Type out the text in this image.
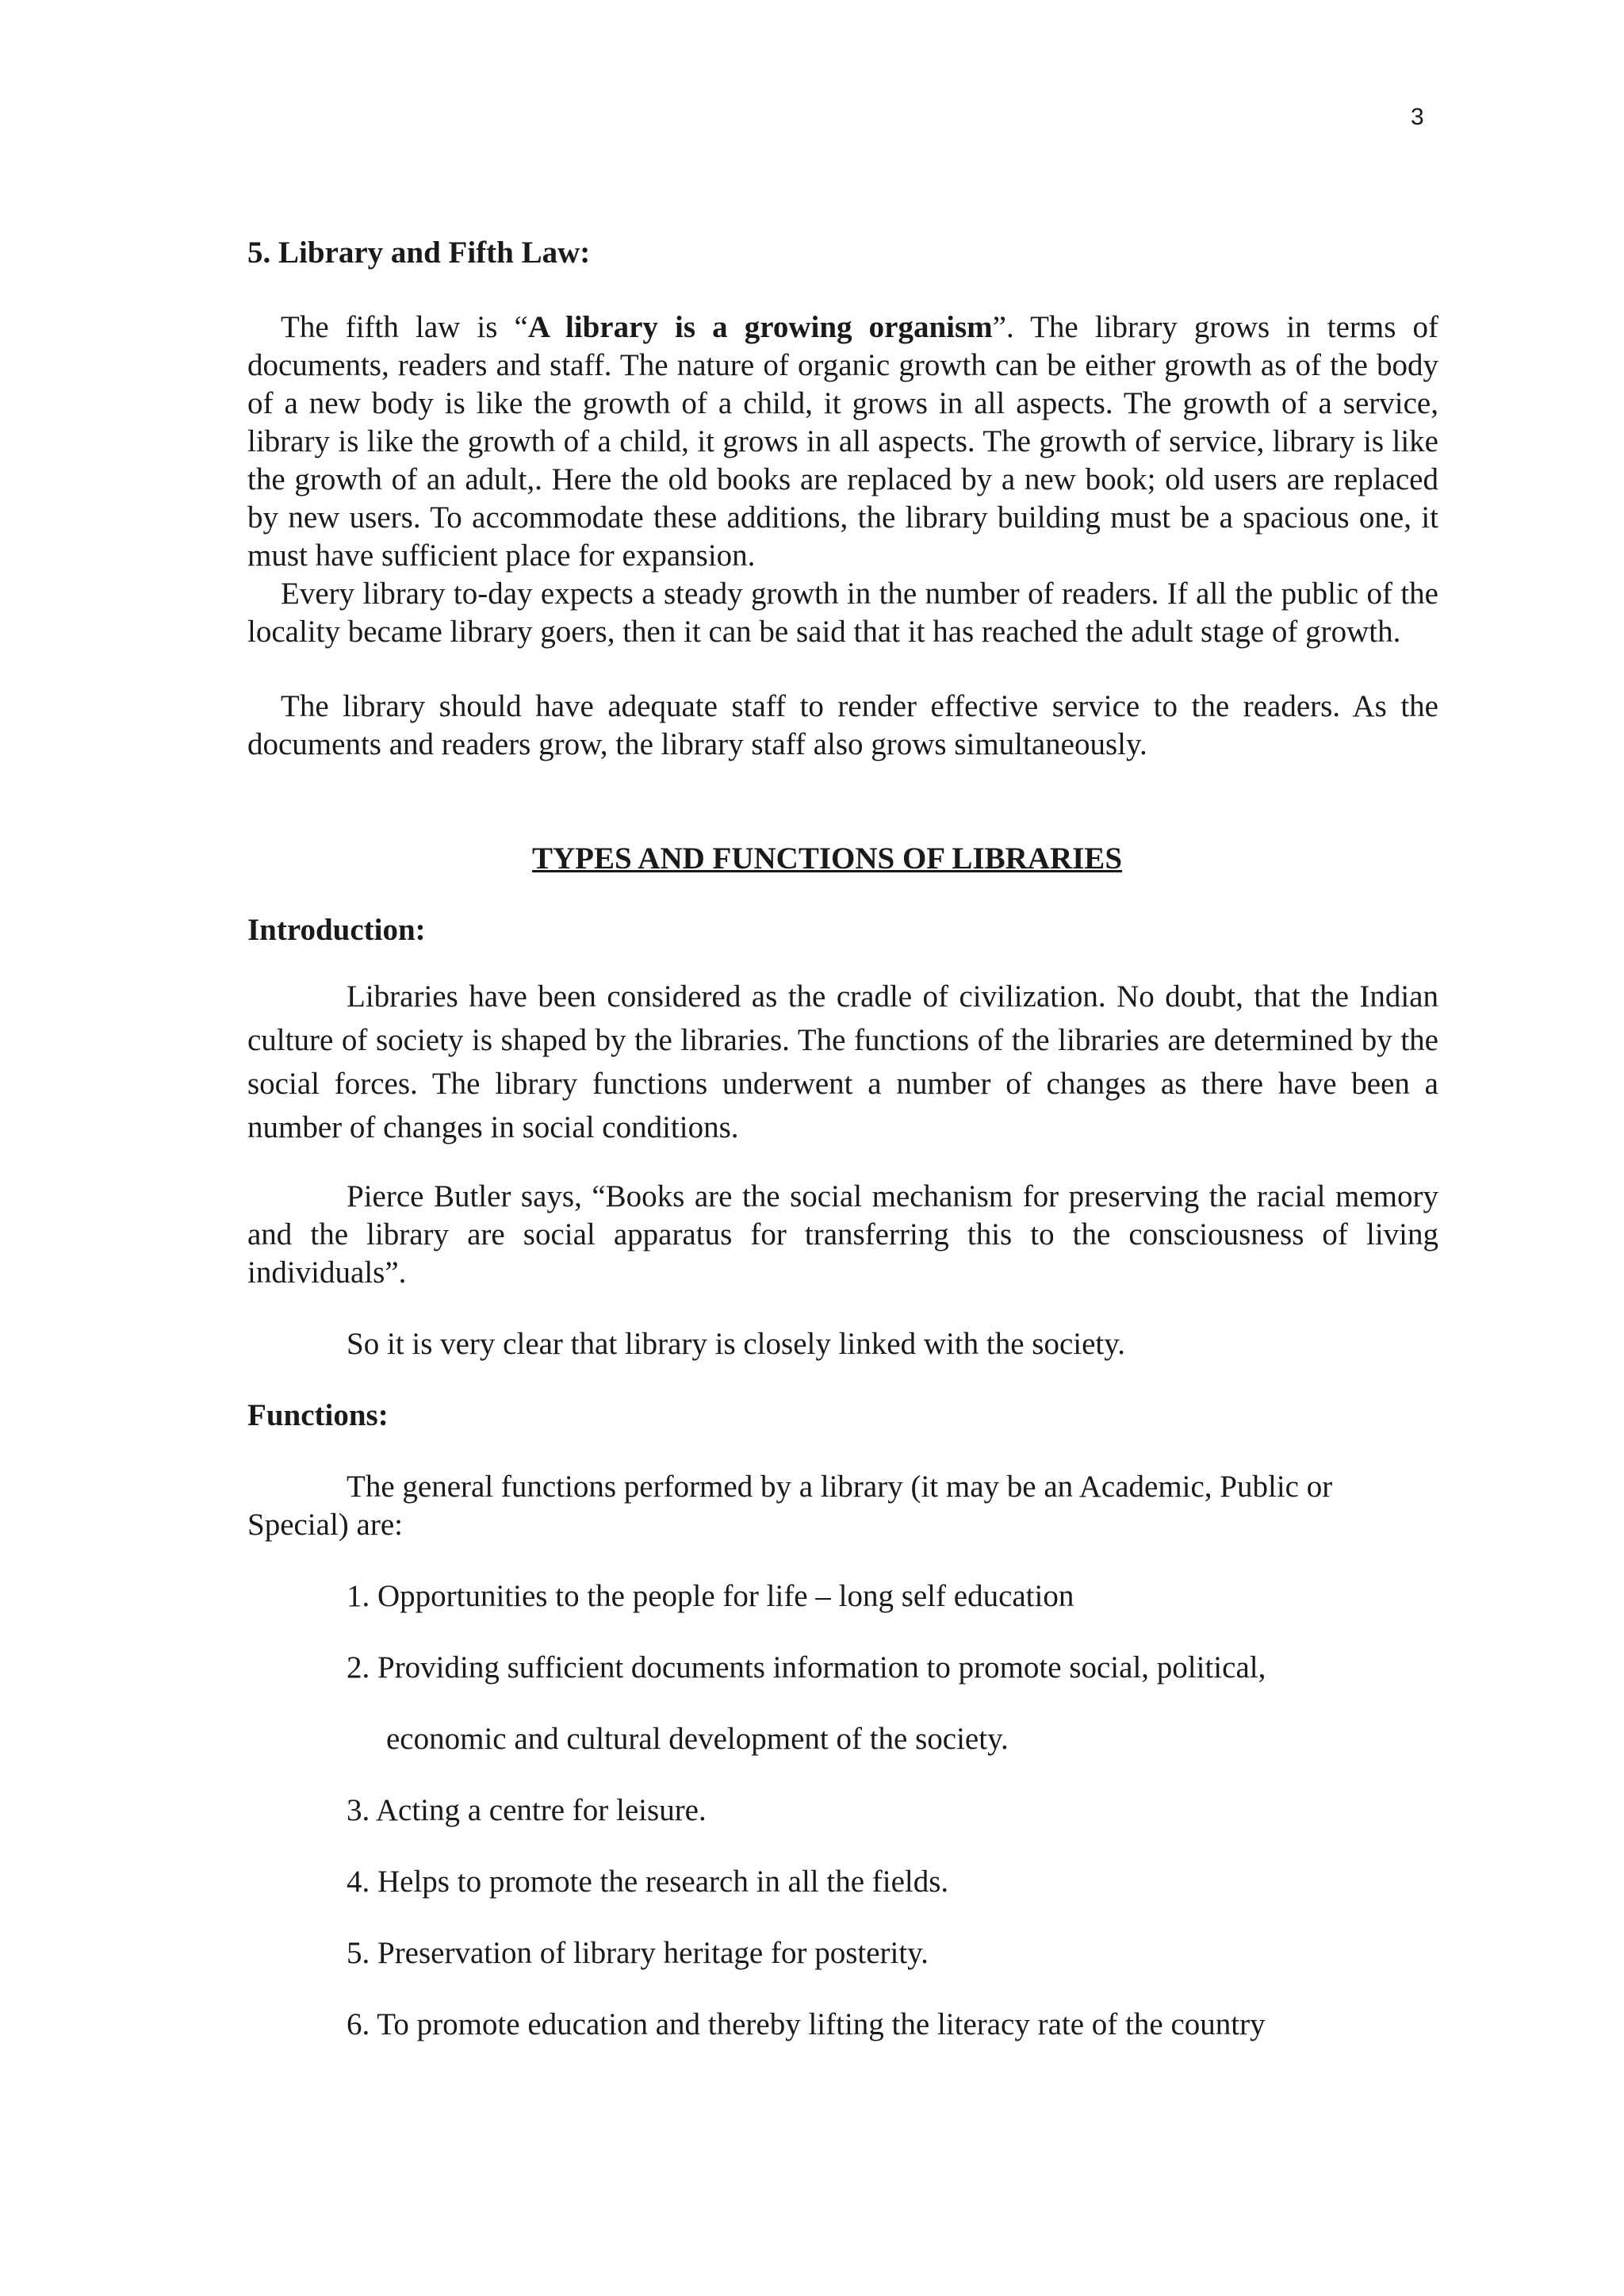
3

5. Library and Fifth Law:

The fifth law is “A library is a growing organism”. The library grows in terms of documents, readers and staff. The nature of organic growth can be either growth as of the body of a new body is like the growth of a child, it grows in all aspects. The growth of a service, library is like the growth of a child, it grows in all aspects. The growth of service, library is like the growth of an adult,. Here the old books are replaced by a new book; old users are replaced by new users. To accommodate these additions, the library building must be a spacious one, it must have sufficient place for expansion.

Every library to-day expects a steady growth in the number of readers. If all the public of the locality became library goers, then it can be said that it has reached the adult stage of growth.

The library should have adequate staff to render effective service to the readers. As the documents and readers grow, the library staff also grows simultaneously.

TYPES AND FUNCTIONS OF LIBRARIES

Introduction:

Libraries have been considered as the cradle of civilization. No doubt, that the Indian culture of society is shaped by the libraries. The functions of the libraries are determined by the social forces. The library functions underwent a number of changes as there have been a number of changes in social conditions.

Pierce Butler says, “Books are the social mechanism for preserving the racial memory and the library are social apparatus for transferring this to the consciousness of living individuals”.

So it is very clear that library is closely linked with the society.

Functions:

The general functions performed by a library (it may be an Academic, Public or Special) are:

1. Opportunities to the people for life – long self education

2. Providing sufficient documents information to promote social, political,

economic and cultural development of the society.

3. Acting a centre for leisure.

4. Helps to promote the research in all the fields.

5. Preservation of library heritage for posterity.

6. To promote education and thereby lifting the literacy rate of the country
